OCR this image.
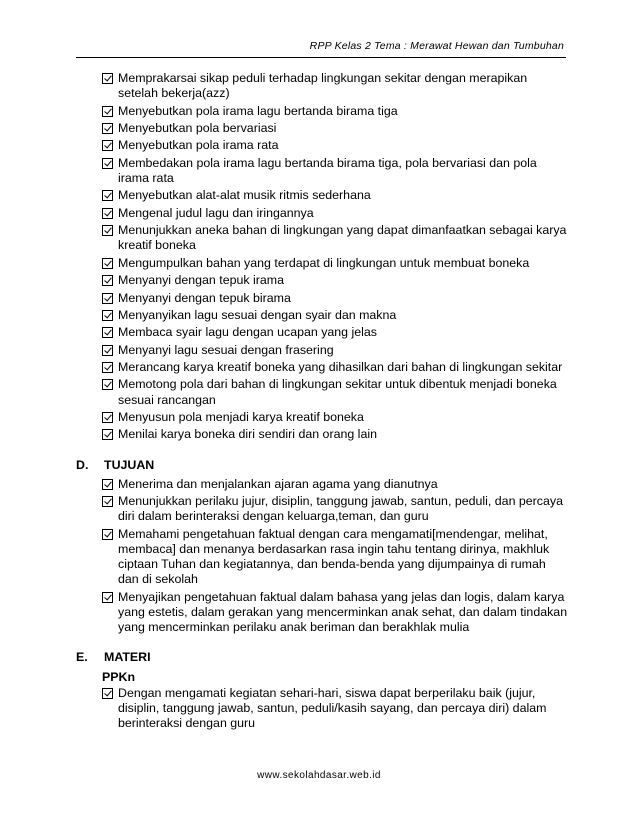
RPP Kelas 2 Tema : Merawat Hewan dan Tumbuhan
Memprakarsai sikap peduli terhadap lingkungan sekitar dengan merapikan setelah bekerja(azz)
Menyebutkan pola irama lagu bertanda birama tiga
Menyebutkan pola bervariasi
Menyebutkan pola irama rata
Membedakan pola irama lagu bertanda birama tiga, pola bervariasi dan pola irama rata
Menyebutkan alat-alat musik ritmis sederhana
Mengenal judul lagu dan iringannya
Menunjukkan aneka bahan di lingkungan yang dapat dimanfaatkan sebagai karya kreatif boneka
Mengumpulkan bahan yang terdapat di lingkungan untuk membuat boneka
Menyanyi dengan tepuk irama
Menyanyi dengan tepuk birama
Menyanyikan lagu sesuai dengan syair dan makna
Membaca syair lagu dengan ucapan yang jelas
Menyanyi lagu sesuai dengan frasering
Merancang karya kreatif boneka yang dihasilkan dari bahan di lingkungan sekitar
Memotong pola dari bahan di lingkungan sekitar untuk dibentuk menjadi boneka sesuai rancangan
Menyusun pola menjadi karya kreatif boneka
Menilai karya boneka diri sendiri dan orang lain
D.	TUJUAN
Menerima dan menjalankan ajaran agama yang dianutnya
Menunjukkan perilaku jujur, disiplin, tanggung jawab, santun, peduli, dan percaya diri dalam berinteraksi dengan keluarga,teman, dan guru
Memahami pengetahuan faktual dengan cara mengamati[mendengar, melihat, membaca] dan menanya berdasarkan rasa ingin tahu tentang dirinya, makhluk ciptaan Tuhan dan kegiatannya, dan benda-benda yang dijumpainya di rumah dan di sekolah
Menyajikan pengetahuan faktual dalam bahasa yang jelas dan logis, dalam karya yang estetis, dalam gerakan yang mencerminkan anak sehat, dan dalam tindakan yang mencerminkan perilaku anak beriman dan berakhlak mulia
E.	MATERI
PPKn
Dengan mengamati kegiatan sehari-hari, siswa dapat berperilaku baik (jujur, disiplin, tanggung jawab, santun, peduli/kasih sayang, dan percaya diri) dalam berinteraksi dengan guru
www.sekolahdasar.web.id
